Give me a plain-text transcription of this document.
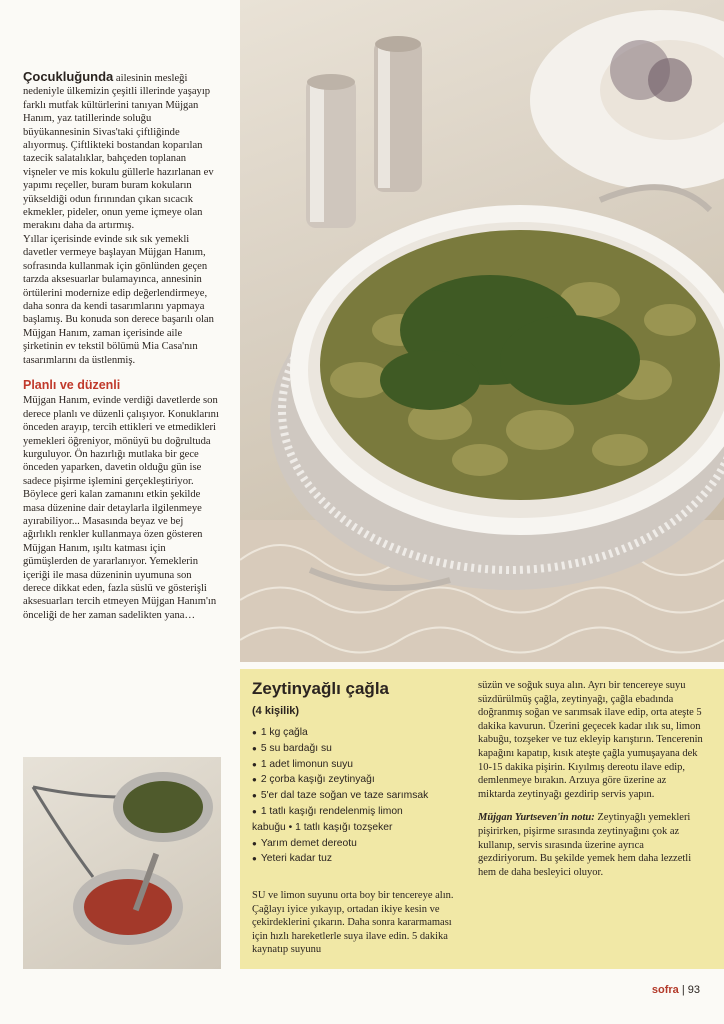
Çocukluğunda ailesinin mesleği nedeniyle ülkemizin çeşitli illerinde yaşayıp farklı mutfak kültürlerini tanıyan Müjgan Hanım, yaz tatillerinde soluğu büyükannesinin Sivas'taki çiftliğinde alıyormuş. Çiftlikteki bostandan koparılan tazecik salatalıklar, bahçeden toplanan vişneler ve mis kokulu güllerle hazırlanan ev yapımı reçeller, buram buram kokuların yükseldiği odun fırınından çıkan sıcacık ekmekler, pideler, onun yeme içmeye olan merakını daha da artırmış.

Yıllar içerisinde evinde sık sık yemekli davetler vermeye başlayan Müjgan Hanım, sofrasında kullanmak için gönlünden geçen tarzda aksesuarlar bulamayınca, annesinin örtülerini modernize edip değerlendirmeye, daha sonra da kendi tasarımlarını yapmaya başlamış. Bu konuda son derece başarılı olan Müjgan Hanım, zaman içerisinde aile şirketinin ev tekstil bölümü Mia Casa'nın tasarımlarını da üstlenmiş.

Planlı ve düzenli

Müjgan Hanım, evinde verdiği davetlerde son derece planlı ve düzenli çalışıyor. Konuklarını önceden arayıp, tercih ettikleri ve etmedikleri yemekleri öğreniyor, mönüyü bu doğrultuda kurguluyor. Ön hazırlığı mutlaka bir gece önceden yaparken, davetin olduğu gün ise sadece pişirme işlemini gerçekleştiriyor. Böylece geri kalan zamanını etkin şekilde masa düzenine dair detaylarla ilgilenmeye ayırabiliyor... Masasında beyaz ve bej ağırlıklı renkler kullanmaya özen gösteren Müjgan Hanım, ışıltı katması için gümüşlerden de yararlanıyor. Yemeklerin içeriği ile masa düzeninin uyumuna son derece dikkat eden, fazla süslü ve gösterişli aksesuarları tercih etmeyen Müjgan Hanım'ın önceliği de her zaman sadelikten yana…

Zeytinyağlı çağla
(4 kişilik)
● 1 kg çağla
● 5 su bardağı su
● 1 adet limonun suyu
● 2 çorba kaşığı zeytinyağı
● 5'er dal taze soğan ve taze sarımsak
● 1 tatlı kaşığı rendelenmiş limon
kabuğu • 1 tatlı kaşığı tozşeker
● Yarım demet dereotu
● Yeteri kadar tuz
SU ve limon suyunu orta boy bir tencereye alın. Çağlayı iyice yıkayıp, ortadan ikiye kesin ve çekirdeklerini çıkarın. Daha sonra kararmaması için hızlı hareketlerle suya ilave edin. 5 dakika kaynatıp suyunu

süzün ve soğuk suya alın. Ayrı bir tencereye suyu süzdürülmüş çağla, zeytinyağı, çağla ebadında doğranmış soğan ve sarımsak ilave edip, orta ateşte 5 dakika kavurun. Üzerini geçecek kadar ılık su, limon kabuğu, tozşeker ve tuz ekleyip karıştırın. Tencerenin kapağını kapatıp, kısık ateşte çağla yumuşayana dek 10-15 dakika pişirin. Kıyılmış dereotu ilave edip, demlenmeye bırakın. Arzuya göre üzerine az miktarda zeytinyağı gezdirip servis yapın.

Müjgan Yurtseven'in notu: Zeytinyağlı yemekleri pişirirken, pişirme sırasında zeytinyağını çok az kullanıp, servis sırasında üzerine ayrıca gezdiriyorum. Bu şekilde yemek hem daha lezzetli hem de daha besleyici oluyor.

sofra | 93
